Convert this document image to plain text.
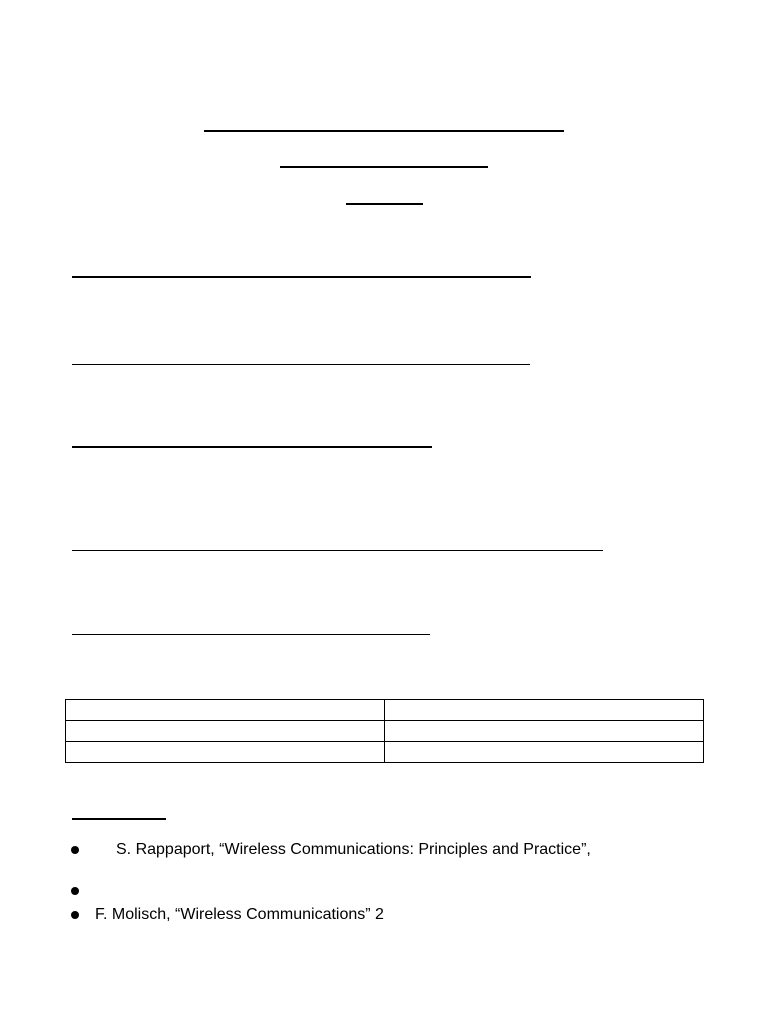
S. Rappaport, “Wireless Communications: Principles and Practice”,
F. Molisch, “Wireless Communications” 2
